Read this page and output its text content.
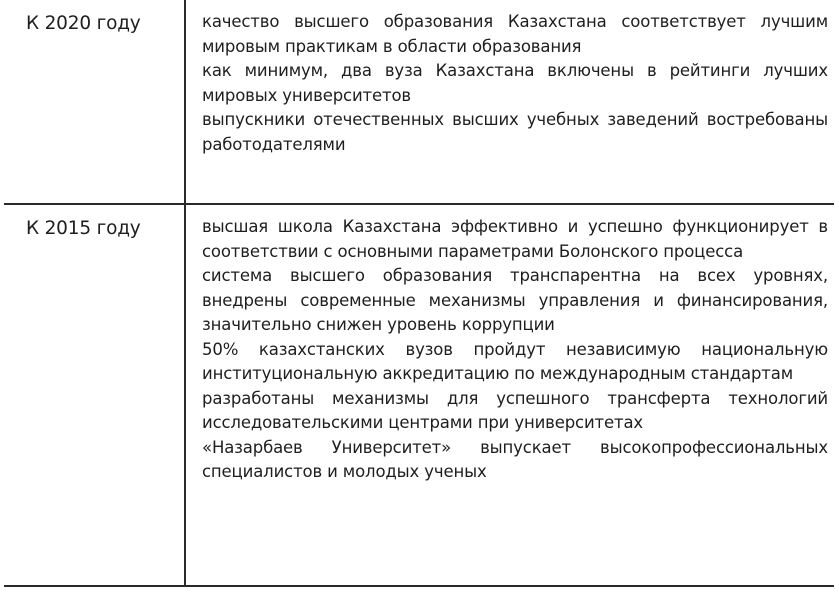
К 2020 году	качество высшего образования Казахстана соответствует лучшим мировым практикам в области образования

как минимум, два вуза Казахстана включены в рейтинги лучших мировых университетов

выпускники отечественных высших учебных заведений востребованы работодателями

К 2015 году	высшая школа Казахстана эффективно и успешно функционирует в соответствии с основными параметрами Болонского процесса

система высшего образования транспарентна на всех уровнях, внедрены современные механизмы управления и финансирования, значительно снижен уровень коррупции

50% казахстанских вузов пройдут независимую национальную институциональную аккредитацию по международным стандартам

разработаны механизмы для успешного трансферта технологий исследовательскими центрами при университетах

«Назарбаев Университет» выпускает высокопрофессиональных специалистов и молодых ученых
